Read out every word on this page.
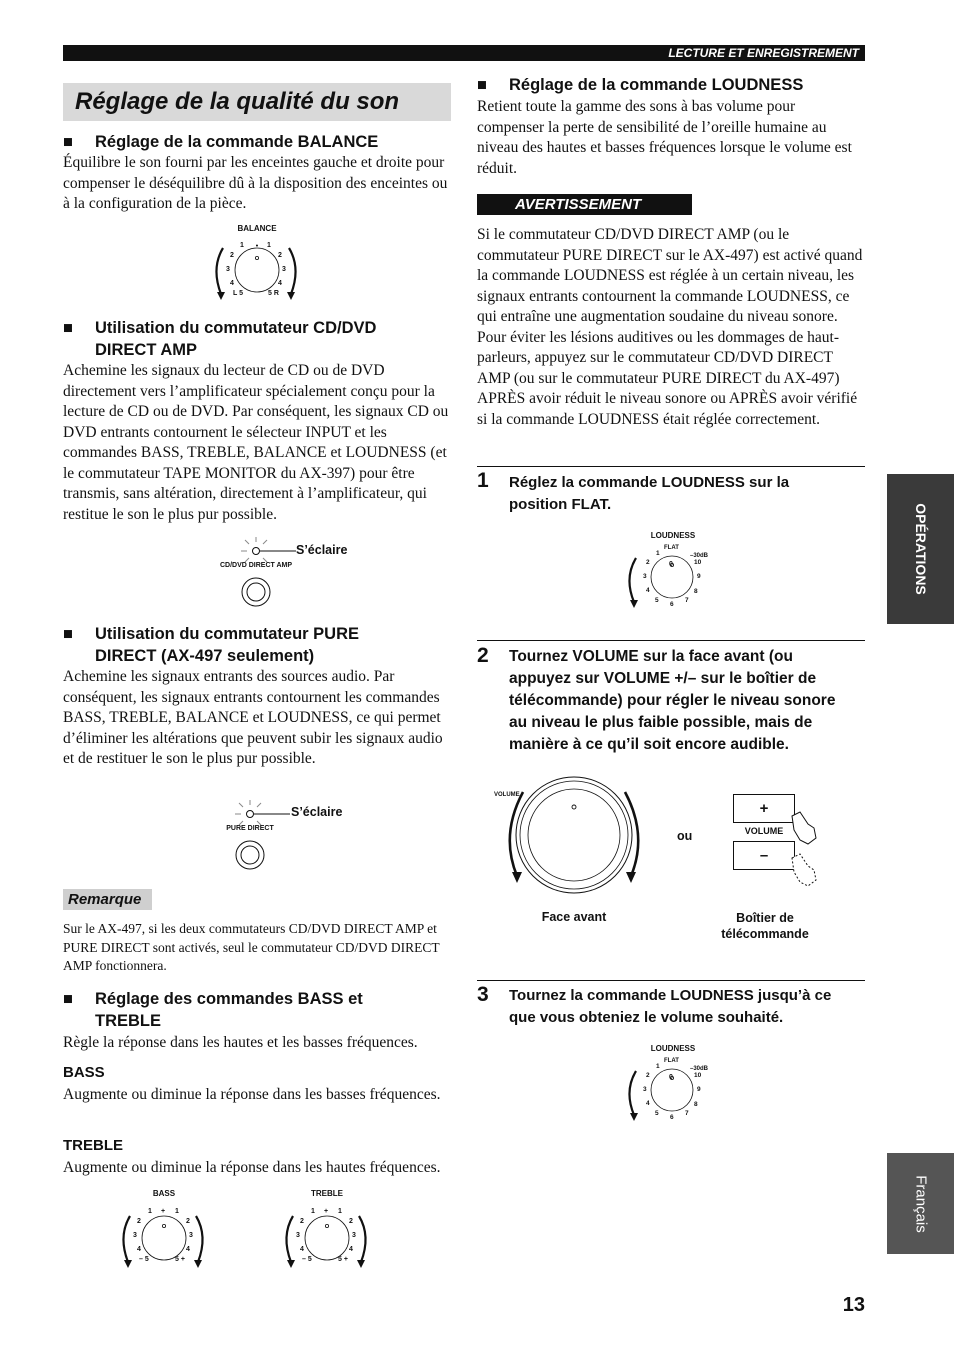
LECTURE ET ENREGISTREMENT
Réglage de la qualité du son
OPÉRATIONS
Français
■ Réglage de la commande BALANCE
Équilibre le son fourni par les enceintes gauche et droite pour compenser le déséquilibre dû à la disposition des enceintes ou à la configuration de la pièce.
BALANCE
•
1
2
3
4
L 5
1
2
3
4
5 R
■ Utilisation du commutateur CD/DVD
DIRECT AMP
Achemine les signaux du lecteur de CD ou de DVD directement vers l’amplificateur spécialement conçu pour la lecture de CD ou de DVD. Par conséquent, les signaux CD ou DVD entrants contournent le sélecteur INPUT et les commandes BASS, TREBLE, BALANCE et LOUDNESS (et le commutateur TAPE MONITOR du AX-397) pour être transmis, sans altération, directement à l’amplificateur, qui restitue le son le plus pur possible.
S’éclaire
CD/DVD DIRECT AMP
■ Utilisation du commutateur PURE
DIRECT (AX-497 seulement)
Achemine les signaux entrants des sources audio. Par conséquent, les signaux entrants contournent les commandes BASS, TREBLE, BALANCE et LOUDNESS, ce qui permet d’éliminer les altérations que peuvent subir les signaux audio et de restituer le son le plus pur possible.
S’éclaire
PURE DIRECT
Remarque
Sur le AX-497, si les deux commutateurs CD/DVD DIRECT AMP et PURE DIRECT sont activés, seul le commutateur CD/DVD DIRECT AMP fonctionnera.
■ Réglage des commandes BASS et
TREBLE
Règle la réponse dans les hautes et les basses fréquences.
BASS
Augmente ou diminue la réponse dans les basses fréquences.
TREBLE
Augmente ou diminue la réponse dans les hautes fréquences.
BASS
+
1
2
3
4
– 5
1
2
3
4
5 +
TREBLE
+
1
2
3
4
– 5
1
2
3
4
5 +
■ Réglage de la commande LOUDNESS
Retient toute la gamme des sons à bas volume pour compenser la perte de sensibilité de l’oreille humaine au niveau des hautes et basses fréquences lorsque le volume est réduit.
AVERTISSEMENT
Si le commutateur CD/DVD DIRECT AMP (ou le commutateur PURE DIRECT sur le AX-497) est activé quand la commande LOUDNESS est réglée à un certain niveau, les signaux entrants contournent la commande LOUDNESS, ce qui entraîne une augmentation soudaine du niveau sonore. Pour éviter les lésions auditives ou les dommages de haut-parleurs, appuyez sur le commutateur CD/DVD DIRECT AMP (ou sur le commutateur PURE DIRECT du AX-497) APRÈS avoir réduit le niveau sonore ou APRÈS avoir vérifié si la commande LOUDNESS était réglée correctement.
1 Réglez la commande LOUDNESS sur la
position FLAT.
LOUDNESS
FLAT
–30dB
0
1
2
3
4
5
6
7
8
9
10
2 Tournez VOLUME sur la face avant (ou
appuyez sur VOLUME +/– sur le boîtier de
télécommande) pour régler le niveau sonore
au niveau le plus faible possible, mais de
manière à ce qu’il soit encore audible.
VOLUME
ou
+
VOLUME
–
Face avant	Boîtier de
télécommande
3 Tournez la commande LOUDNESS jusqu’à ce
que vous obteniez le volume souhaité.
LOUDNESS
FLAT
–30dB
0
1
2
3
4
5
6
7
8
9
10
13
